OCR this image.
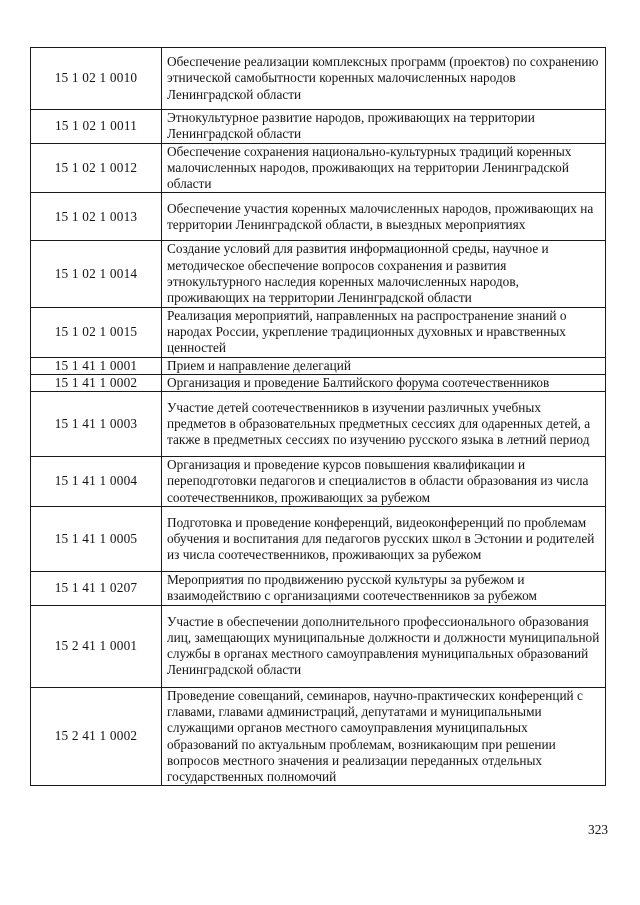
15 1 02 1 0010	Обеспечение реализации комплексных программ (проектов) по сохранению этнической самобытности коренных малочисленных народов Ленинградской области
15 1 02 1 0011	Этнокультурное развитие народов, проживающих на территории Ленинградской области
15 1 02 1 0012	Обеспечение сохранения национально-культурных традиций коренных малочисленных народов, проживающих на территории Ленинградской области
15 1 02 1 0013	Обеспечение участия коренных малочисленных народов, проживающих на территории Ленинградской области, в выездных мероприятиях
15 1 02 1 0014	Создание условий для развития информационной среды, научное и методическое обеспечение вопросов сохранения и развития этнокультурного наследия коренных малочисленных народов, проживающих на территории Ленинградской области
15 1 02 1 0015	Реализация мероприятий, направленных на распространение знаний о народах России, укрепление традиционных духовных и нравственных ценностей
15 1 41 1 0001	Прием и направление делегаций
15 1 41 1 0002	Организация и проведение Балтийского форума соотечественников
15 1 41 1 0003	Участие детей соотечественников в изучении различных учебных предметов в образовательных предметных сессиях для одаренных детей, а также в предметных сессиях по изучению русского языка в летний период
15 1 41 1 0004	Организация и проведение курсов повышения квалификации и переподготовки педагогов и специалистов в области образования из числа соотечественников, проживающих за рубежом
15 1 41 1 0005	Подготовка и проведение конференций, видеоконференций по проблемам обучения и воспитания для педагогов русских школ в Эстонии и родителей из числа соотечественников, проживающих за рубежом
15 1 41 1 0207	Мероприятия по продвижению русской культуры за рубежом и взаимодействию с организациями соотечественников за рубежом
15 2 41 1 0001	Участие в обеспечении дополнительного профессионального образования лиц, замещающих муниципальные должности и должности муниципальной службы в органах местного самоуправления муниципальных образований Ленинградской области
15 2 41 1 0002	Проведение совещаний, семинаров, научно-практических конференций с главами, главами администраций, депутатами и муниципальными служащими органов местного самоуправления муниципальных образований по актуальным проблемам, возникающим при решении вопросов местного значения и реализации переданных отдельных государственных полномочий
323
